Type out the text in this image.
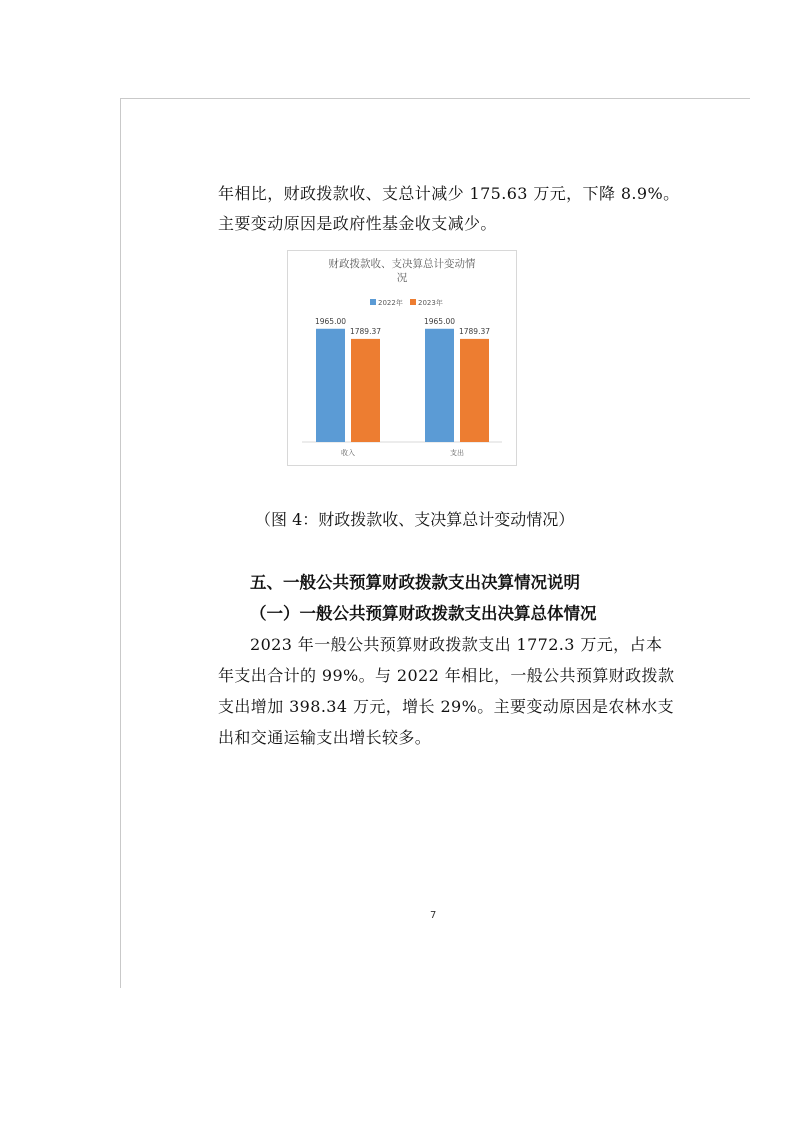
年相比，财政拨款收、支总计减少 175.63 万元，下降 8.9%。
主要变动原因是政府性基金收支减少。
财政拨款收、支决算总计变动情
况
2022年 2023年
1965.00
1789.37
收入
1965.00
1789.37
支出
（图 4：财政拨款收、支决算总计变动情况）
五、一般公共预算财政拨款支出决算情况说明
（一）一般公共预算财政拨款支出决算总体情况
2023 年一般公共预算财政拨款支出 1772.3 万元，占本
年支出合计的 99%。与 2022 年相比，一般公共预算财政拨款
支出增加 398.34 万元，增长 29%。主要变动原因是农林水支
出和交通运输支出增长较多。
7
